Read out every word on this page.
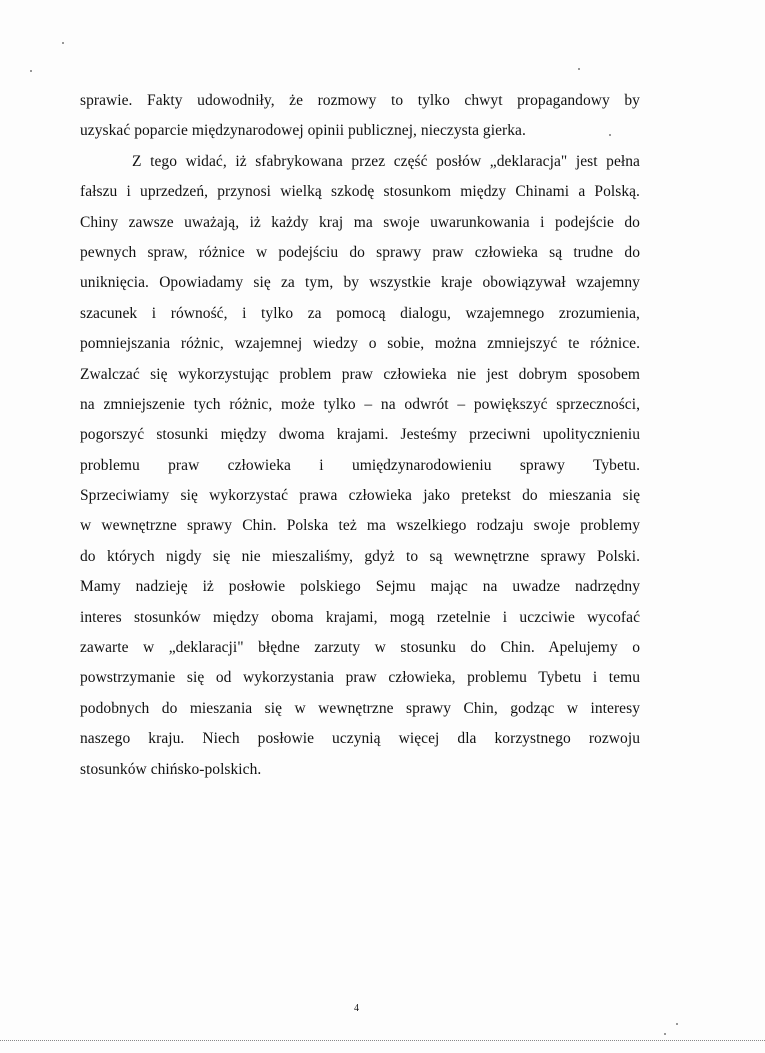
sprawie. Fakty udowodniły, że rozmowy to tylko chwyt propagandowy by
uzyskać poparcie międzynarodowej opinii publicznej, nieczysta gierka.
Z tego widać, iż sfabrykowana przez część posłów „deklaracja" jest pełna
fałszu i uprzedzeń, przynosi wielką szkodę stosunkom między Chinami a Polską.
Chiny zawsze uważają, iż każdy kraj ma swoje uwarunkowania i podejście do
pewnych spraw, różnice w podejściu do sprawy praw człowieka są trudne do
uniknięcia. Opowiadamy się za tym, by wszystkie kraje obowiązywał wzajemny
szacunek i równość, i tylko za pomocą dialogu, wzajemnego zrozumienia,
pomniejszania różnic, wzajemnej wiedzy o sobie, można zmniejszyć te różnice.
Zwalczać się wykorzystując problem praw człowieka nie jest dobrym sposobem
na zmniejszenie tych różnic, może tylko – na odwrót – powiększyć sprzeczności,
pogorszyć stosunki między dwoma krajami. Jesteśmy przeciwni upolitycznieniu
problemu praw człowieka i umiędzynarodowieniu sprawy Tybetu.
Sprzeciwiamy się wykorzystać prawa człowieka jako pretekst do mieszania się
w wewnętrzne sprawy Chin. Polska też ma wszelkiego rodzaju swoje problemy
do których nigdy się nie mieszaliśmy, gdyż to są wewnętrzne sprawy Polski.
Mamy nadzieję iż posłowie polskiego Sejmu mając na uwadze nadrzędny
interes stosunków między oboma krajami, mogą rzetelnie i uczciwie wycofać
zawarte w „deklaracji" błędne zarzuty w stosunku do Chin. Apelujemy o
powstrzymanie się od wykorzystania praw człowieka, problemu Tybetu i temu
podobnych do mieszania się w wewnętrzne sprawy Chin, godząc w interesy
naszego kraju. Niech posłowie uczynią więcej dla korzystnego rozwoju
stosunków chińsko-polskich.
4
